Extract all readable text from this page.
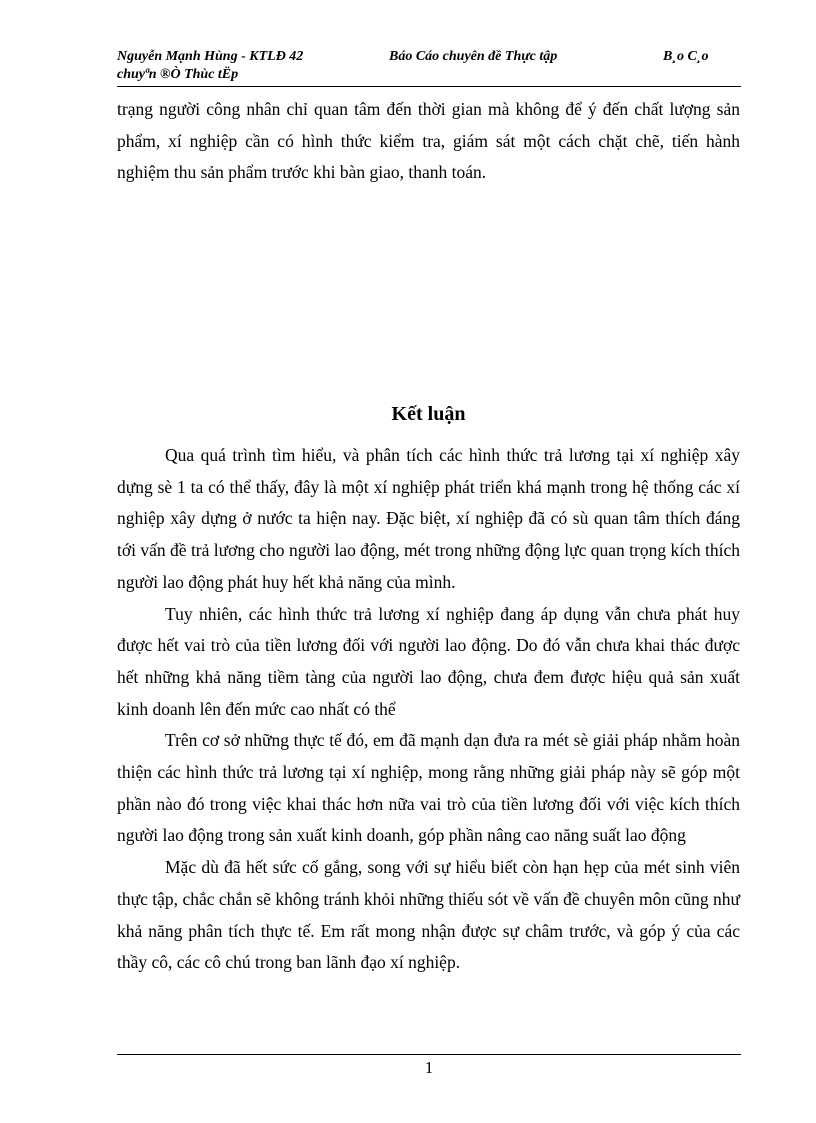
Nguyễn Mạnh Hùng - KTLĐ 42	Báo Cáo chuyên đề Thực tập	B¸o C¸o
chuyªn ®Ò Thùc tËp

trạng người công nhân chỉ quan tâm đến thời gian mà không để ý đến chất lượng sản phẩm, xí nghiệp cần có hình thức kiểm tra, giám sát một cách chặt chẽ, tiến hành nghiệm thu sản phẩm trước khi bàn giao, thanh toán.

Kết luận

Qua quá trình tìm hiểu, và phân tích các hình thức trả lương tại xí nghiệp xây dựng sè 1 ta có thể thấy, đây là một xí nghiệp phát triển khá mạnh trong hệ thống các xí nghiệp xây dựng ở nước ta hiện nay. Đặc biệt, xí nghiệp đã có sù quan tâm thích đáng tới vấn đề trả lương cho người lao động, mét trong những động lực quan trọng kích thích người lao động phát huy hết khả năng của mình.

Tuy nhiên, các hình thức trả lương xí nghiệp đang áp dụng vẫn chưa phát huy được hết vai trò của tiền lương đối với người lao động. Do đó vẫn chưa khai thác được hết những khả năng tiềm tàng của người lao động, chưa đem được hiệu quả sản xuất kinh doanh lên đến mức cao nhất có thể

Trên cơ sở những thực tế đó, em đã mạnh dạn đưa ra mét sè giải pháp nhằm hoàn thiện các hình thức trả lương tại xí nghiệp, mong rằng những giải pháp này sẽ góp một phần nào đó trong việc khai thác hơn nữa vai trò của tiền lương đối với việc kích thích người lao động trong sản xuất kinh doanh, góp phần nâng cao năng suất lao động

Mặc dù đã hết sức cố gắng, song với sự hiểu biết còn hạn hẹp của mét sinh viên thực tập, chắc chắn sẽ không tránh khỏi những thiếu sót về vấn đề chuyên môn cũng như khả năng phân tích thực tế. Em rất mong nhận được sự châm trước, và góp ý của các thầy cô, các cô chú trong ban lãnh đạo xí nghiệp.

1
